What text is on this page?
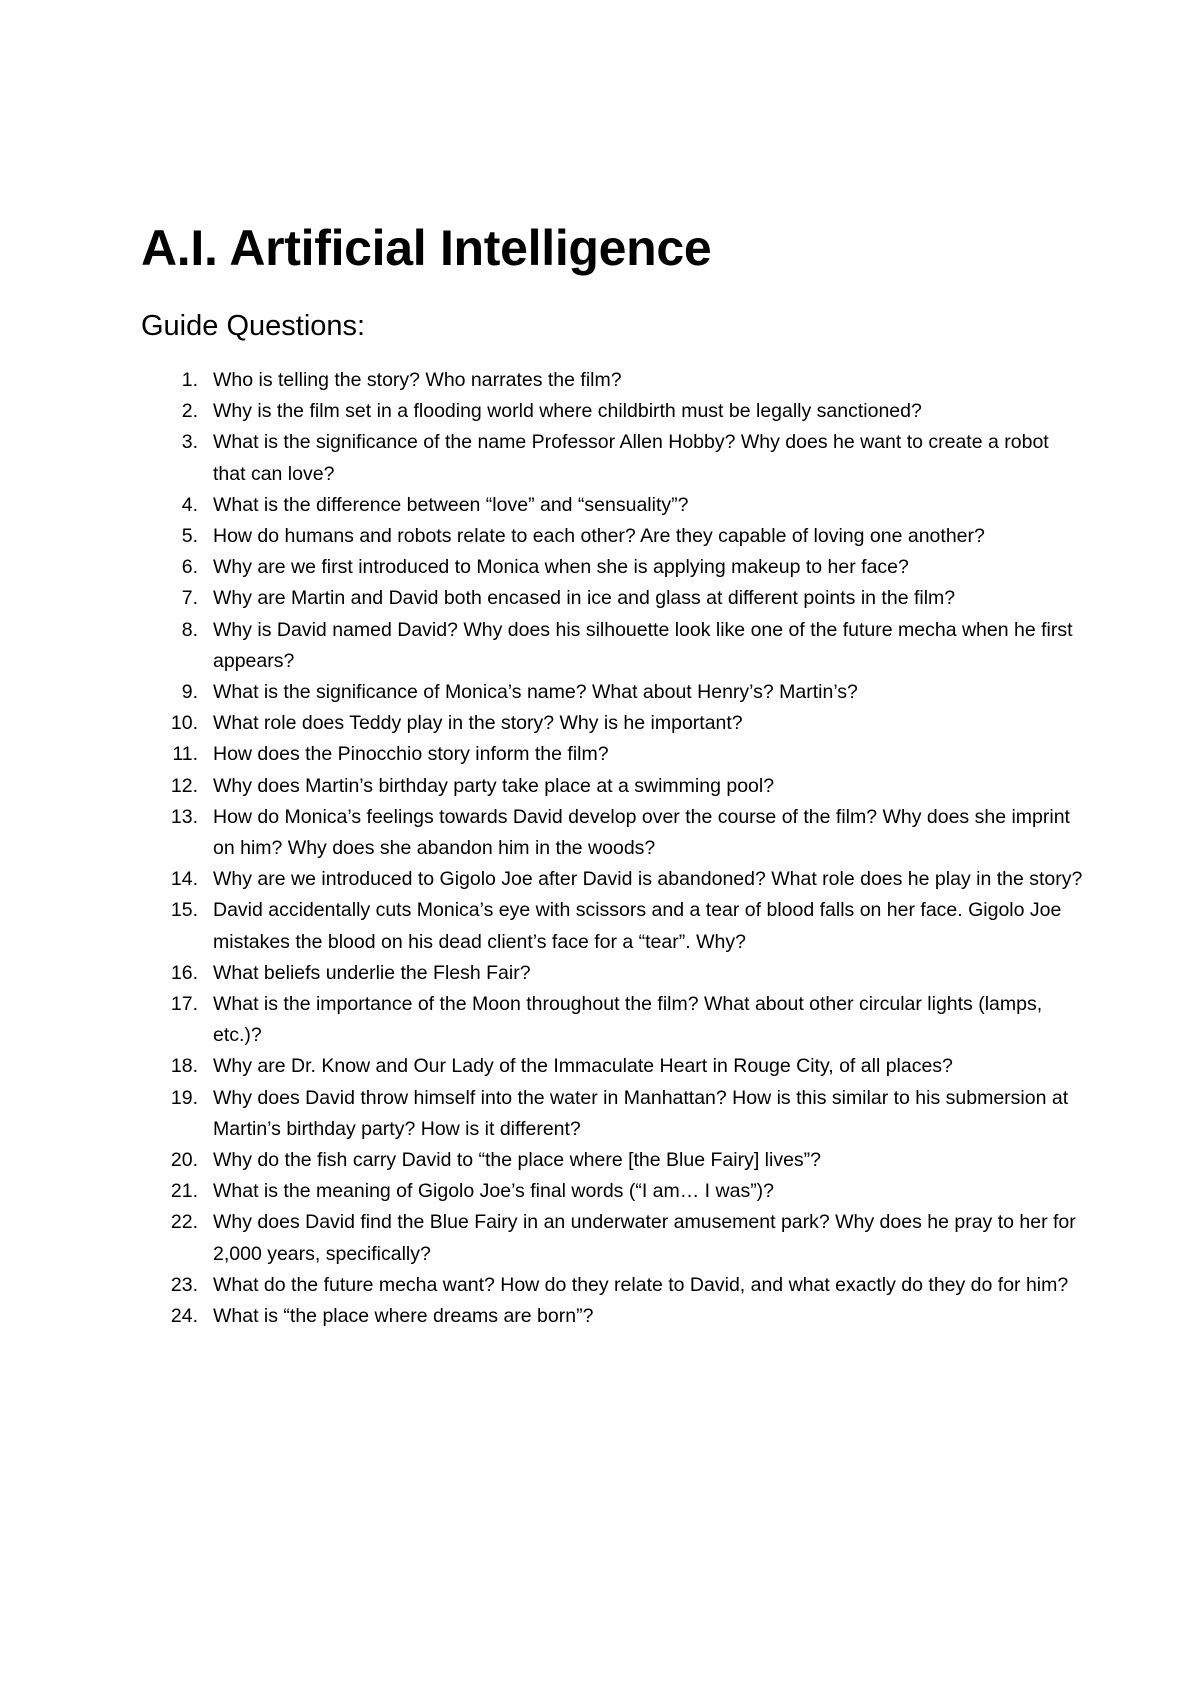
A.I. Artificial Intelligence
Guide Questions:
1. Who is telling the story? Who narrates the film?
2. Why is the film set in a flooding world where childbirth must be legally sanctioned?
3. What is the significance of the name Professor Allen Hobby? Why does he want to create a robot that can love?
4. What is the difference between “love” and “sensuality”?
5. How do humans and robots relate to each other? Are they capable of loving one another?
6. Why are we first introduced to Monica when she is applying makeup to her face?
7. Why are Martin and David both encased in ice and glass at different points in the film?
8. Why is David named David? Why does his silhouette look like one of the future mecha when he first appears?
9. What is the significance of Monica’s name? What about Henry’s? Martin’s?
10. What role does Teddy play in the story? Why is he important?
11. How does the Pinocchio story inform the film?
12. Why does Martin’s birthday party take place at a swimming pool?
13. How do Monica’s feelings towards David develop over the course of the film? Why does she imprint on him? Why does she abandon him in the woods?
14. Why are we introduced to Gigolo Joe after David is abandoned? What role does he play in the story?
15. David accidentally cuts Monica’s eye with scissors and a tear of blood falls on her face. Gigolo Joe mistakes the blood on his dead client’s face for a “tear”. Why?
16. What beliefs underlie the Flesh Fair?
17. What is the importance of the Moon throughout the film? What about other circular lights (lamps, etc.)?
18. Why are Dr. Know and Our Lady of the Immaculate Heart in Rouge City, of all places?
19. Why does David throw himself into the water in Manhattan? How is this similar to his submersion at Martin’s birthday party? How is it different?
20. Why do the fish carry David to “the place where [the Blue Fairy] lives”?
21. What is the meaning of Gigolo Joe’s final words (“I am… I was”)?
22. Why does David find the Blue Fairy in an underwater amusement park? Why does he pray to her for 2,000 years, specifically?
23. What do the future mecha want? How do they relate to David, and what exactly do they do for him?
24. What is “the place where dreams are born”?
